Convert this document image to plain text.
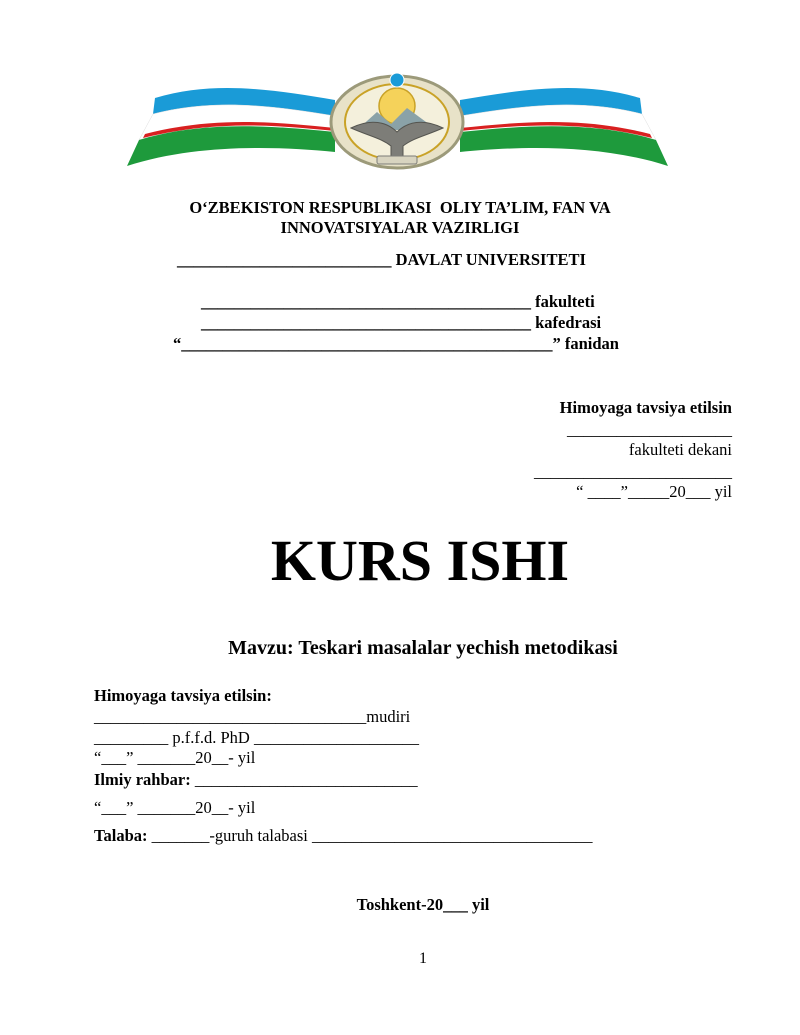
O‘ZBEKISTON RESPUBLIKASI  OLIY TA’LIM, FAN VA
INNOVATSIYALAR VAZIRLIGI
__________________________ DAVLAT UNIVERSITETI
________________________________________ fakulteti
________________________________________ kafedrasi
“_____________________________________________” fanidan
Himoyaga tavsiya etilsin
____________________
fakulteti dekani
________________________
“ ____”_____20___ yil
KURS ISHI
Mavzu: Teskari masalalar yechish metodikasi
Himoyaga tavsiya etilsin:
_________________________________mudiri
_________ p.f.f.d. PhD ____________________
“___” _______20__- yil
Ilmiy rahbar: ___________________________
“___” _______20__- yil
Talaba: _______-guruh talabasi __________________________________
Toshkent-20___ yil
1
